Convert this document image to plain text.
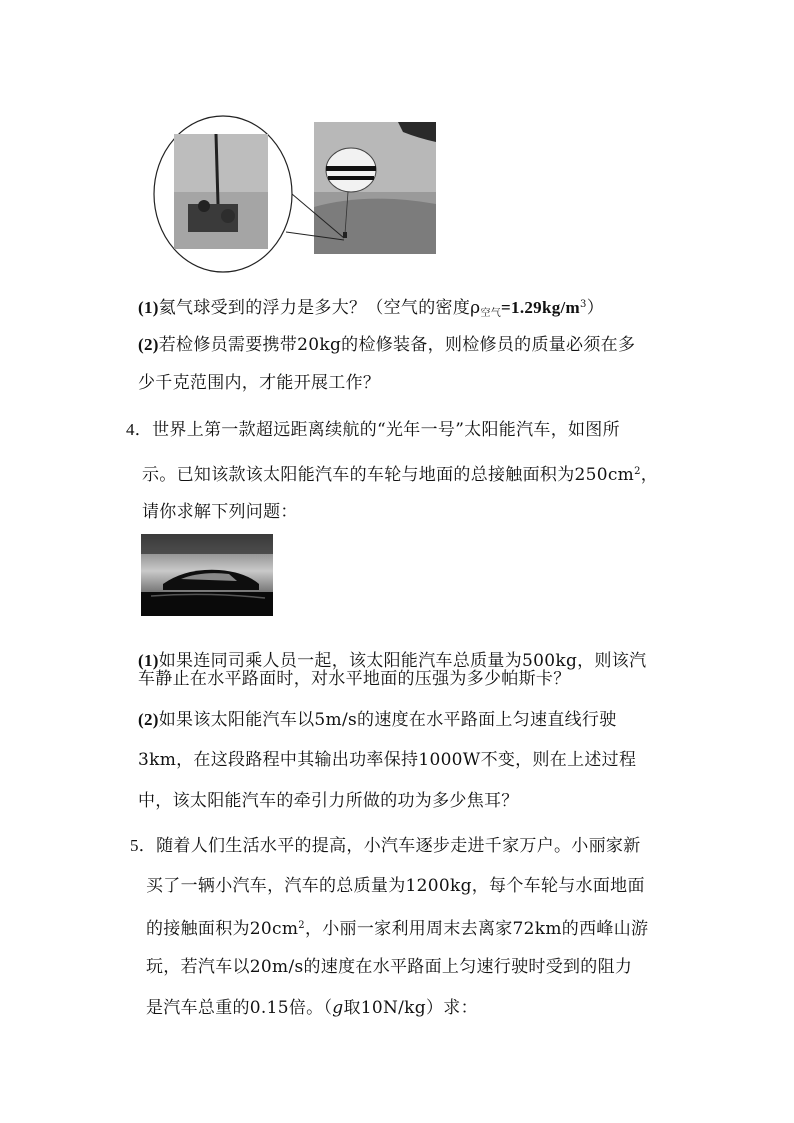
(1)氦气球受到的浮力是多大？（空气的密度$\rho_{空气}=1.29kg/m^3$）
(2)若检修员需要携带20kg的检修装备，则检修员的质量必须在多
少千克范围内，才能开展工作？
4．世界上第一款超远距离续航的“光年一号”太阳能汽车，如图所
示。已知该款该太阳能汽车的车轮与地面的总接触面积为$250cm^2$，
请你求解下列问题：
(1)如果连同司乘人员一起，该太阳能汽车总质量为500kg，则该汽
车静止在水平路面时，对水平地面的压强为多少帕斯卡？
(2)如果该太阳能汽车以5m/s的速度在水平路面上匀速直线行驶
3km，在这段路程中其输出功率保持1000W不变，则在上述过程
中，该太阳能汽车的牵引力所做的功为多少焦耳？
5．随着人们生活水平的提高，小汽车逐步走进千家万户。小丽家新
买了一辆小汽车，汽车的总质量为1200kg，每个车轮与水面地面
的接触面积为$20cm^2$，小丽一家利用周末去离家72km的西峰山游
玩，若汽车以20m/s的速度在水平路面上匀速行驶时受到的阻力
是汽车总重的0.15倍。（g取10N/kg）求：
